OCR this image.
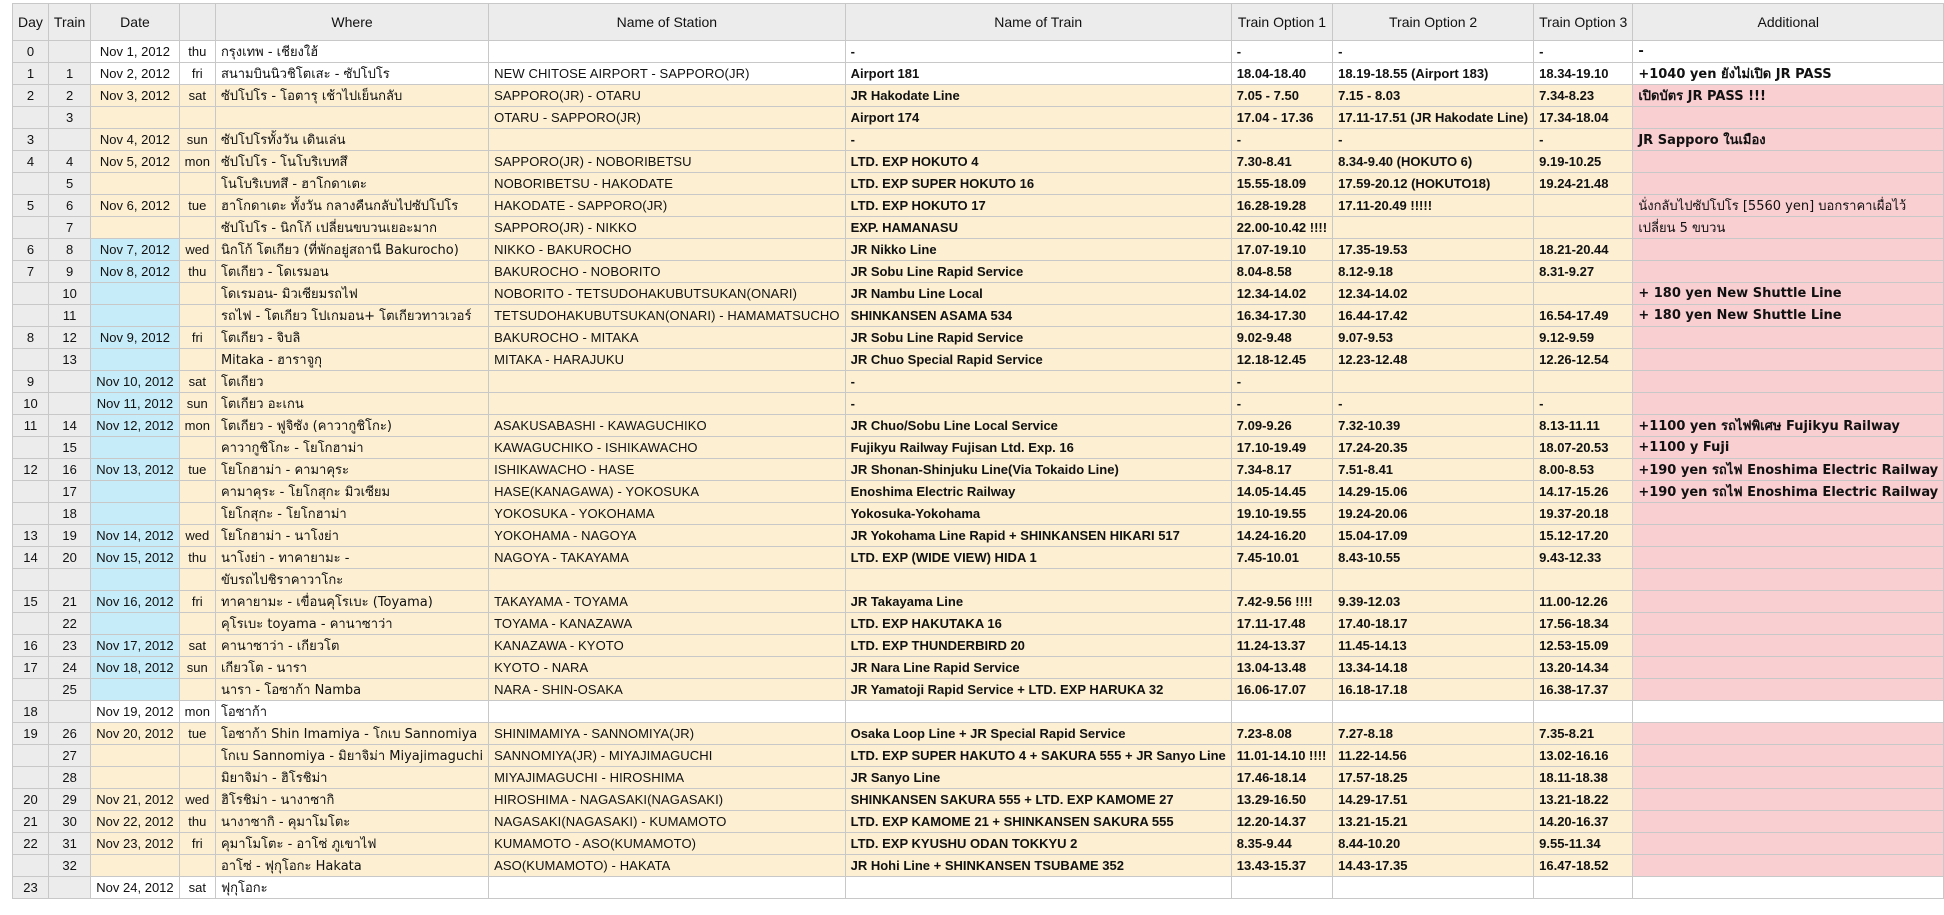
Day	Train	Date		Where	Name of Station	Name of Train	Train Option 1	Train Option 2	Train Option 3	Additional
0		Nov 1, 2012	thu	กรุงเทพ - เชียงใฮ้		-	-	-	-	-
1	1	Nov 2, 2012	fri	สนามบินนิวชิโตเสะ - ซัปโปโร	NEW CHITOSE AIRPORT - SAPPORO(JR)	Airport 181	18.04-18.40	18.19-18.55 (Airport 183)	18.34-19.10	+1040 yen ยังไม่เปิด JR PASS
2	2	Nov 3, 2012	sat	ซัปโปโร - โอตารุ เช้าไปเย็นกลับ	SAPPORO(JR) - OTARU	JR Hakodate Line	7.05 - 7.50	7.15 - 8.03	7.34-8.23	เปิดบัตร JR PASS !!!
	3				OTARU - SAPPORO(JR)	Airport 174	17.04 - 17.36	17.11-17.51 (JR Hakodate Line)	17.34-18.04	
3		Nov 4, 2012	sun	ซัปโปโรทั้งวัน เดินเล่น		-	-	-	-	JR Sapporo ในเมือง
4	4	Nov 5, 2012	mon	ซัปโปโร - โนโบริเบทสึ	SAPPORO(JR) - NOBORIBETSU	LTD. EXP HOKUTO 4	7.30-8.41	8.34-9.40 (HOKUTO 6)	9.19-10.25	
	5			โนโบริเบทสึ - ฮาโกดาเตะ	NOBORIBETSU - HAKODATE	LTD. EXP SUPER HOKUTO 16	15.55-18.09	17.59-20.12 (HOKUTO18)	19.24-21.48	
5	6	Nov 6, 2012	tue	ฮาโกดาเตะ ทั้งวัน กลางคืนกลับไปซัปโปโร	HAKODATE - SAPPORO(JR)	LTD. EXP HOKUTO 17	16.28-19.28	17.11-20.49 !!!!!		นั่งกลับไปซัปโปโร [5560 yen] บอกราคาเผื่อไว้
	7			ซัปโปโร - นิกโก้ เปลี่ยนขบวนเยอะมาก	SAPPORO(JR) - NIKKO	EXP. HAMANASU	22.00-10.42 !!!!			เปลี่ยน 5 ขบวน
6	8	Nov 7, 2012	wed	นิกโก้ โตเกียว (ที่พักอยู่สถานี Bakurocho)	NIKKO - BAKUROCHO	JR Nikko Line	17.07-19.10	17.35-19.53	18.21-20.44	
7	9	Nov 8, 2012	thu	โตเกียว - โดเรมอน	BAKUROCHO - NOBORITO	JR Sobu Line Rapid Service	8.04-8.58	8.12-9.18	8.31-9.27	
	10			โดเรมอน- มิวเซียมรถไฟ	NOBORITO - TETSUDOHAKUBUTSUKAN(ONARI)	JR Nambu Line Local	12.34-14.02	12.34-14.02		+ 180 yen New Shuttle Line
	11			รถไฟ - โตเกียว โปเกมอน+ โตเกียวทาวเวอร์	TETSUDOHAKUBUTSUKAN(ONARI) - HAMAMATSUCHO	SHINKANSEN ASAMA 534	16.34-17.30	16.44-17.42	16.54-17.49	+ 180 yen New Shuttle Line
8	12	Nov 9, 2012	fri	โตเกียว - จิบลิ	BAKUROCHO - MITAKA	JR Sobu Line Rapid Service	9.02-9.48	9.07-9.53	9.12-9.59	
	13			Mitaka - ฮาราจูกุ	MITAKA - HARAJUKU	JR Chuo Special Rapid Service	12.18-12.45	12.23-12.48	12.26-12.54	
9		Nov 10, 2012	sat	โตเกียว		-	-			
10		Nov 11, 2012	sun	โตเกียว อะเกน		-	-	-	-	
11	14	Nov 12, 2012	mon	โตเกียว - ฟูจิซัง (คาวากูชิโกะ)	ASAKUSABASHI - KAWAGUCHIKO	JR Chuo/Sobu Line Local Service	7.09-9.26	7.32-10.39	8.13-11.11	+1100 yen รถไฟพิเศษ Fujikyu Railway
	15			คาวากูชิโกะ - โยโกฮาม่า	KAWAGUCHIKO - ISHIKAWACHO	Fujikyu Railway Fujisan Ltd. Exp. 16	17.10-19.49	17.24-20.35	18.07-20.53	+1100 y Fuji
12	16	Nov 13, 2012	tue	โยโกฮาม่า - คามาคุระ	ISHIKAWACHO - HASE	JR Shonan-Shinjuku Line(Via Tokaido Line)	7.34-8.17	7.51-8.41	8.00-8.53	+190 yen รถไฟ Enoshima Electric Railway
	17			คามาคุระ - โยโกสุกะ มิวเซียม	HASE(KANAGAWA) - YOKOSUKA	Enoshima Electric Railway	14.05-14.45	14.29-15.06	14.17-15.26	+190 yen รถไฟ Enoshima Electric Railway
	18			โยโกสุกะ - โยโกฮาม่า	YOKOSUKA - YOKOHAMA	Yokosuka-Yokohama	19.10-19.55	19.24-20.06	19.37-20.18	
13	19	Nov 14, 2012	wed	โยโกฮาม่า - นาโงย่า	YOKOHAMA - NAGOYA	JR Yokohama Line Rapid + SHINKANSEN HIKARI 517	14.24-16.20	15.04-17.09	15.12-17.20	
14	20	Nov 15, 2012	thu	นาโงย่า - ทาคายามะ -	NAGOYA - TAKAYAMA	LTD. EXP (WIDE VIEW) HIDA 1	7.45-10.01	8.43-10.55	9.43-12.33	
				ขับรถไปชิราคาวาโกะ						
15	21	Nov 16, 2012	fri	ทาคายามะ - เขื่อนคุโรเบะ (Toyama)	TAKAYAMA - TOYAMA	JR Takayama Line	7.42-9.56 !!!!	9.39-12.03	11.00-12.26	
	22			คุโรเบะ toyama - คานาซาว่า	TOYAMA - KANAZAWA	LTD. EXP HAKUTAKA 16	17.11-17.48	17.40-18.17	17.56-18.34	
16	23	Nov 17, 2012	sat	คานาซาว่า - เกียวโต	KANAZAWA - KYOTO	LTD. EXP THUNDERBIRD 20	11.24-13.37	11.45-14.13	12.53-15.09	
17	24	Nov 18, 2012	sun	เกียวโต - นารา	KYOTO - NARA	JR Nara Line Rapid Service	13.04-13.48	13.34-14.18	13.20-14.34	
	25			นารา - โอซาก้า Namba	NARA - SHIN-OSAKA	JR Yamatoji Rapid Service + LTD. EXP HARUKA 32	16.06-17.07	16.18-17.18	16.38-17.37	
18		Nov 19, 2012	mon	โอซาก้า						
19	26	Nov 20, 2012	tue	โอซาก้า Shin Imamiya - โกเบ Sannomiya	SHINIMAMIYA - SANNOMIYA(JR)	Osaka Loop Line + JR Special Rapid Service	7.23-8.08	7.27-8.18	7.35-8.21	
	27			โกเบ Sannomiya - มิยาจิม่า Miyajimaguchi	SANNOMIYA(JR) - MIYAJIMAGUCHI	LTD. EXP SUPER HAKUTO 4 + SAKURA 555 + JR Sanyo Line	11.01-14.10 !!!!	11.22-14.56	13.02-16.16	
	28			มิยาจิม่า - ฮิโรชิม่า	MIYAJIMAGUCHI - HIROSHIMA	JR Sanyo Line	17.46-18.14	17.57-18.25	18.11-18.38	
20	29	Nov 21, 2012	wed	ฮิโรชิม่า - นางาซากิ	HIROSHIMA - NAGASAKI(NAGASAKI)	SHINKANSEN SAKURA 555 + LTD. EXP KAMOME 27	13.29-16.50	14.29-17.51	13.21-18.22	
21	30	Nov 22, 2012	thu	นางาซากิ - คุมาโมโตะ	NAGASAKI(NAGASAKI) - KUMAMOTO	LTD. EXP KAMOME 21 + SHINKANSEN SAKURA 555	12.20-14.37	13.21-15.21	14.20-16.37	
22	31	Nov 23, 2012	fri	คุมาโมโตะ - อาโซ่ ภูเขาไฟ	KUMAMOTO - ASO(KUMAMOTO)	LTD. EXP KYUSHU ODAN TOKKYU 2	8.35-9.44	8.44-10.20	9.55-11.34	
	32			อาโซ่ - ฟุกุโอกะ Hakata	ASO(KUMAMOTO) - HAKATA	JR Hohi Line + SHINKANSEN TSUBAME 352	13.43-15.37	14.43-17.35	16.47-18.52	
23		Nov 24, 2012	sat	ฟุกุโอกะ						
